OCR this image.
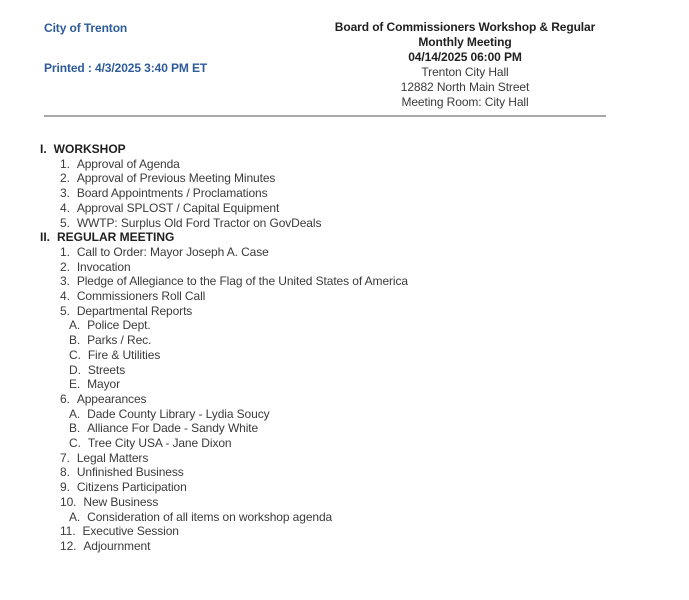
City of Trenton
Printed : 4/3/2025 3:40 PM ET
Board of Commissioners Workshop & Regular
Monthly Meeting
04/14/2025 06:00 PM
Trenton City Hall
12882 North Main Street
Meeting Room: City Hall
I. WORKSHOP
1. Approval of Agenda
2. Approval of Previous Meeting Minutes
3. Board Appointments / Proclamations
4. Approval SPLOST / Capital Equipment
5. WWTP: Surplus Old Ford Tractor on GovDeals
II. REGULAR MEETING
1. Call to Order: Mayor Joseph A. Case
2. Invocation
3. Pledge of Allegiance to the Flag of the United States of America
4. Commissioners Roll Call
5. Departmental Reports
A. Police Dept.
B. Parks / Rec.
C. Fire & Utilities
D. Streets
E. Mayor
6. Appearances
A. Dade County Library - Lydia Soucy
B. Alliance For Dade - Sandy White
C. Tree City USA - Jane Dixon
7. Legal Matters
8. Unfinished Business
9. Citizens Participation
10. New Business
A. Consideration of all items on workshop agenda
11. Executive Session
12. Adjournment
